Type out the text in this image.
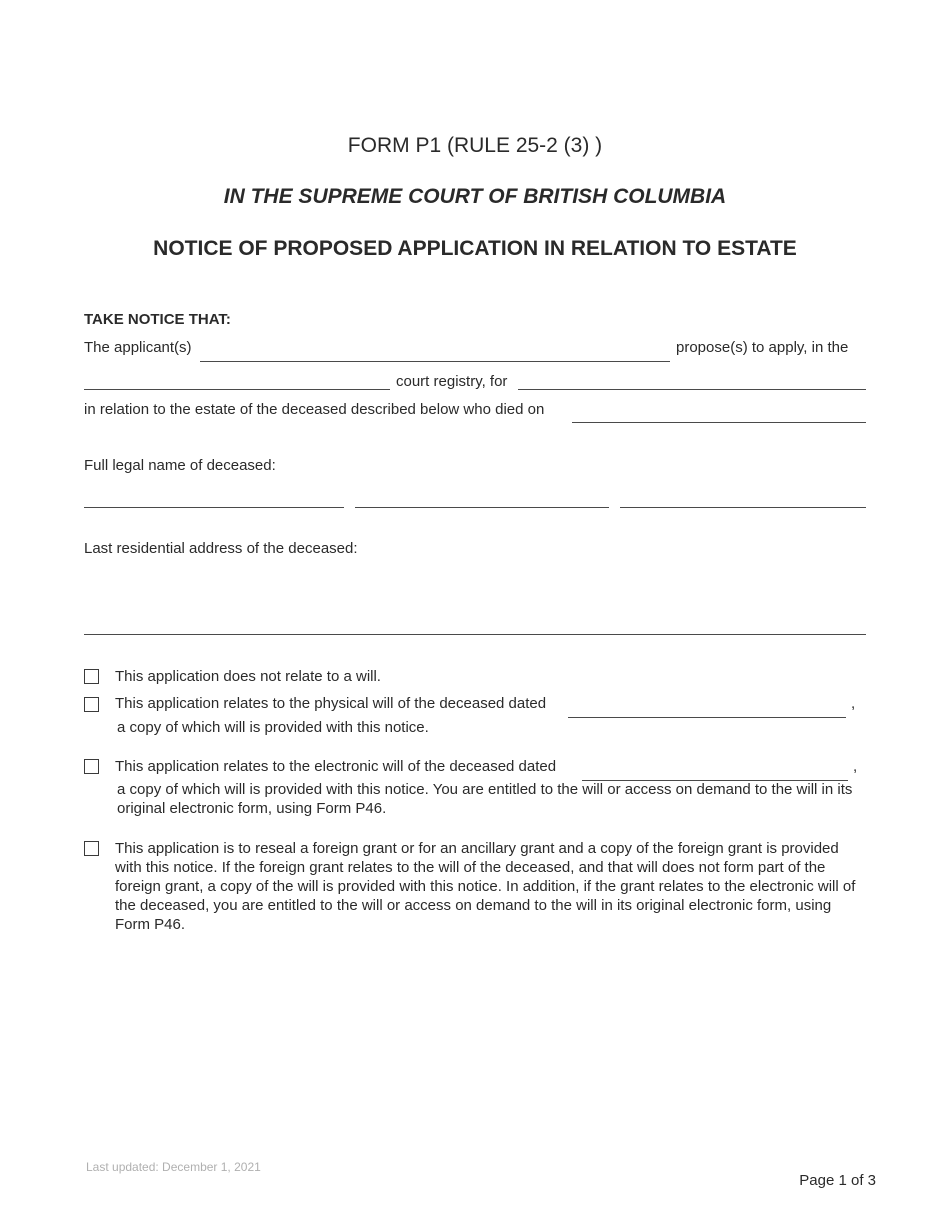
FORM P1 (RULE 25-2 (3) )
IN THE SUPREME COURT OF BRITISH COLUMBIA
NOTICE OF PROPOSED APPLICATION IN RELATION TO ESTATE
TAKE NOTICE THAT:
The applicant(s)	propose(s) to apply, in the
court registry, for
in relation to the estate of the deceased described below who died on
Full legal name of deceased:
Last residential address of the deceased:
This application does not relate to a will.
This application relates to the physical will of the deceased dated	,
a copy of which will is provided with this notice.
This application relates to the electronic will of the deceased dated	,
a copy of which will is provided with this notice. You are entitled to the will or access on demand to the will in its original electronic form, using Form P46.
This application is to reseal a foreign grant or for an ancillary grant and a copy of the foreign grant is provided with this notice. If the foreign grant relates to the will of the deceased, and that will does not form part of the foreign grant, a copy of the will is provided with this notice. In addition, if the grant relates to the electronic will of the deceased, you are entitled to the will or access on demand to the will in its original electronic form, using Form P46.
Last updated: December 1, 2021
Page 1 of 3
